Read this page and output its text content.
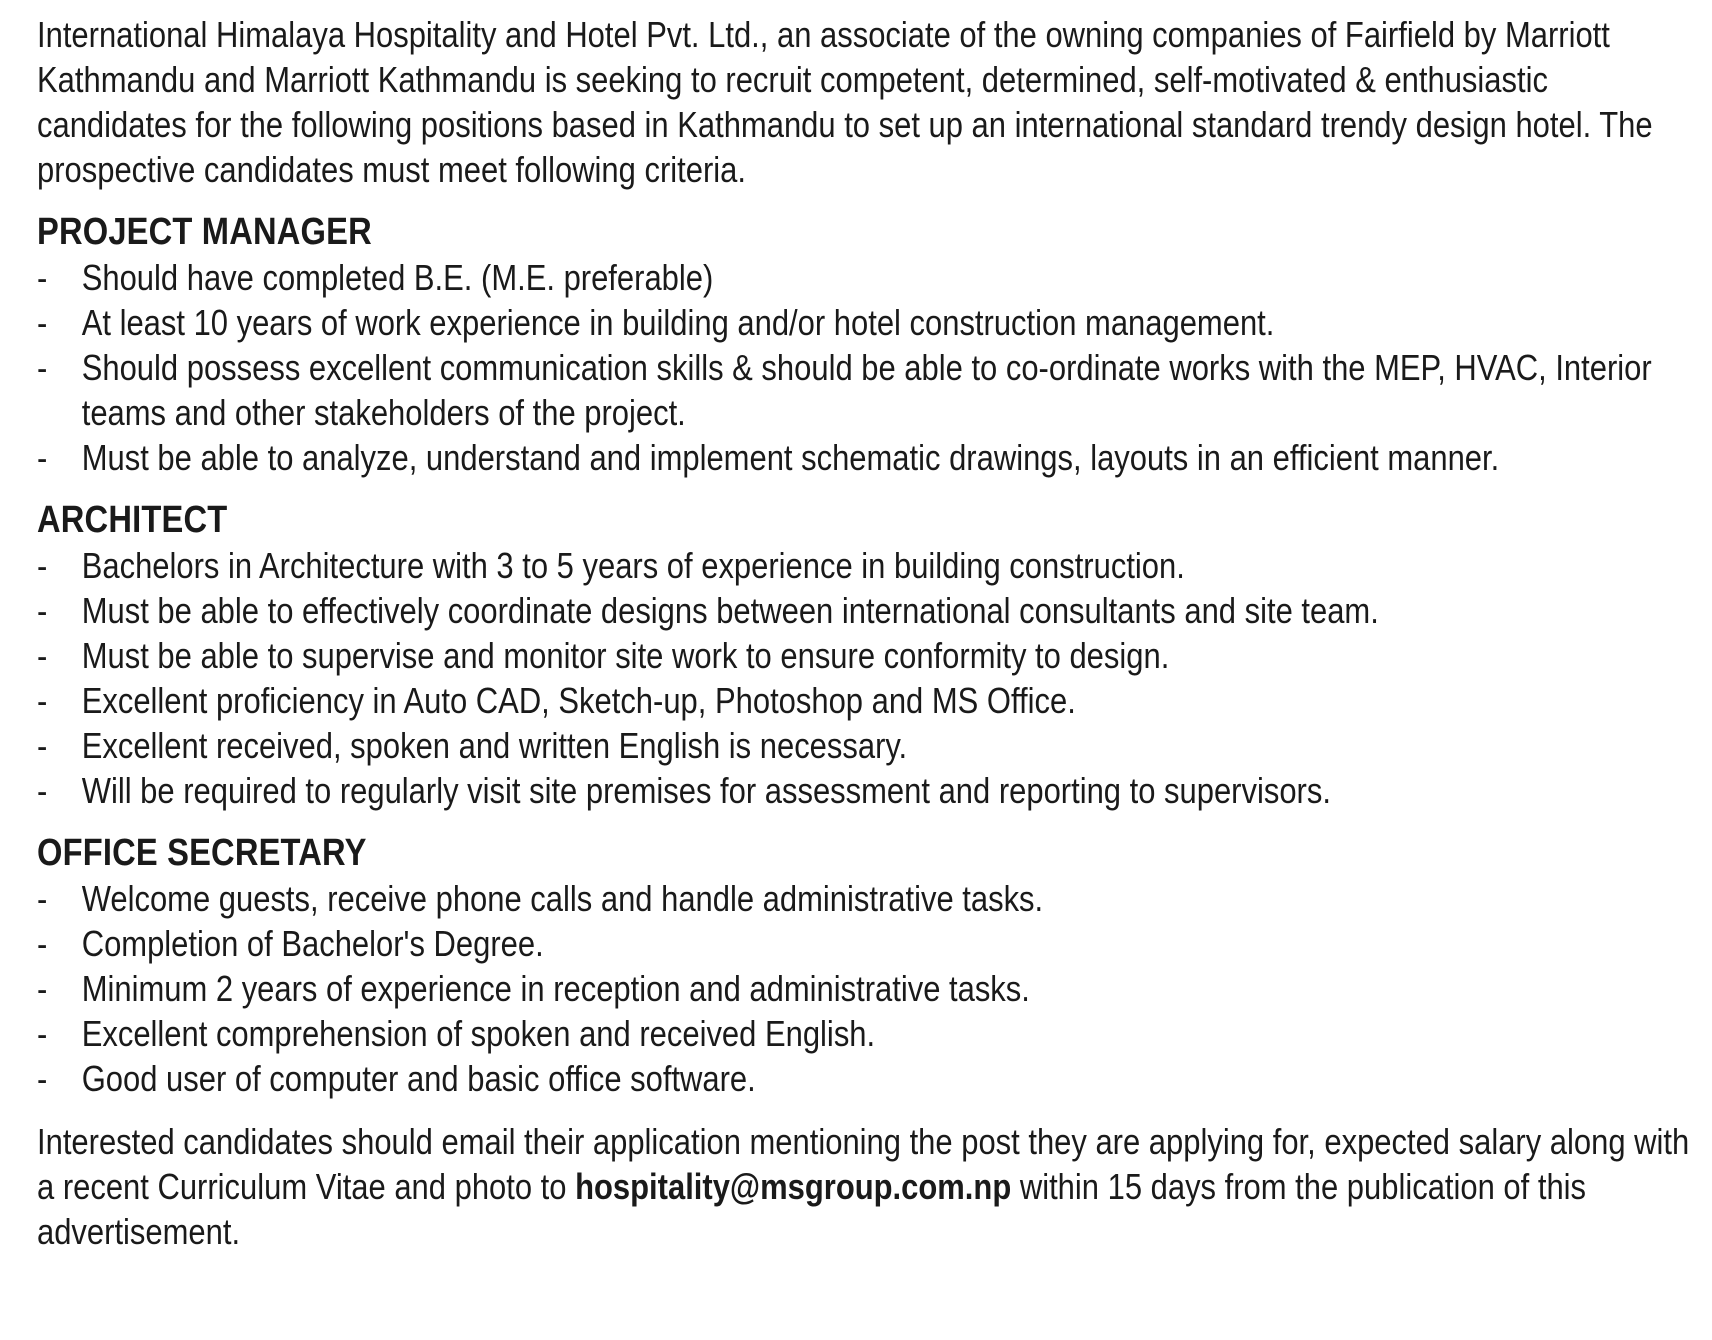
International Himalaya Hospitality and Hotel Pvt. Ltd., an associate of the owning companies of Fairfield by Marriott Kathmandu and Marriott Kathmandu is seeking to recruit competent, determined, self-motivated & enthusiastic candidates for the following positions based in Kathmandu to set up an international standard trendy design hotel. The prospective candidates must meet following criteria.

PROJECT MANAGER
- Should have completed B.E. (M.E. preferable)
- At least 10 years of work experience in building and/or hotel construction management.
- Should possess excellent communication skills & should be able to co-ordinate works with the MEP, HVAC, Interior teams and other stakeholders of the project.
- Must be able to analyze, understand and implement schematic drawings, layouts in an efficient manner.
ARCHITECT
- Bachelors in Architecture with 3 to 5 years of experience in building construction.
- Must be able to effectively coordinate designs between international consultants and site team.
- Must be able to supervise and monitor site work to ensure conformity to design.
- Excellent proficiency in Auto CAD, Sketch-up, Photoshop and MS Office.
- Excellent received, spoken and written English is necessary.
- Will be required to regularly visit site premises for assessment and reporting to supervisors.
OFFICE SECRETARY
- Welcome guests, receive phone calls and handle administrative tasks.
- Completion of Bachelor's Degree.
- Minimum 2 years of experience in reception and administrative tasks.
- Excellent comprehension of spoken and received English.
- Good user of computer and basic office software.

Interested candidates should email their application mentioning the post they are applying for, expected salary along with a recent Curriculum Vitae and photo to hospitality@msgroup.com.np within 15 days from the publication of this advertisement.
